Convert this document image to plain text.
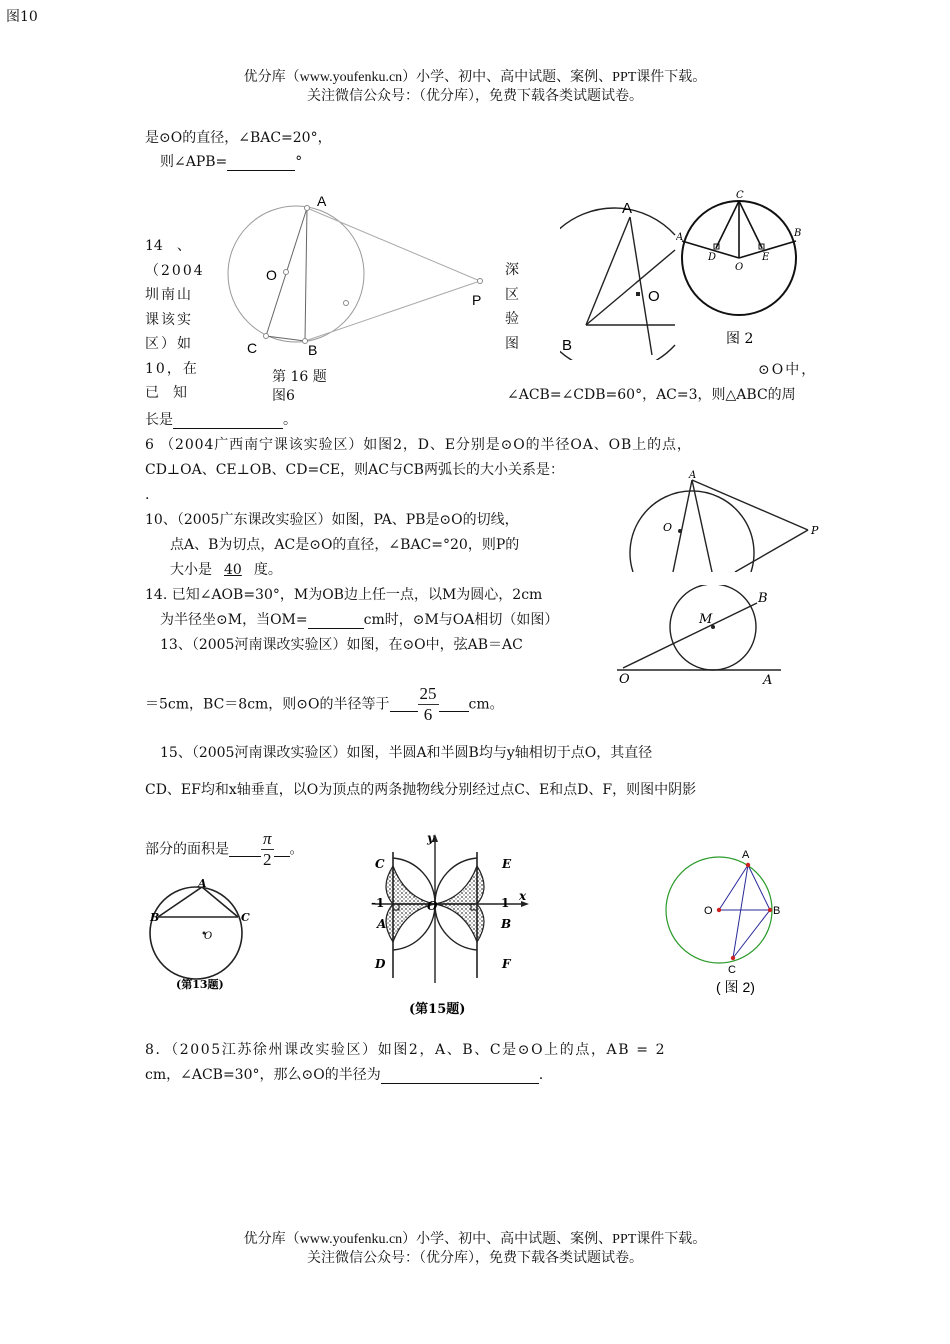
图10
优分库（www.youfenku.cn）小学、初中、高中试题、案例、PPT课件下载。
关注微信公众号：（优分库），免费下载各类试题试卷。
是⊙O的直径，∠BAC=20°，
则∠APB=	°
A
O
C	B
P
第 16 题
图6
14　、
（2004
圳南山
课该实
区）如
10，在
已　知
深
区
验
图
A
B
O
C
A	B
D
O
E
图 2
⊙O中，
∠ACB=∠CDB=60°，AC=3，则△ABC的周
长是	。
6 （2004广西南宁课该实验区）如图2，D、E分别是⊙O的半径OA、OB上的点，
CD⊥OA、CE⊥OB、CD=CE，则AC与CB两弧长的大小关系是：
.
10、（2005广东课改实验区）如图，PA、PB是⊙O的切线，
点A、B为切点，AC是⊙O的直径，∠BAC=°20，则P的
大小是 40 度。
A
O	P
14. 已知∠AOB=30°，M为OB边上任一点，以M为圆心，2cm
为半径坐⊙M，当OM=	cm时，⊙M与OA相切（如图）
13、（2005河南课改实验区）如图，在⊙O中，弦AB＝AC
＝5cm，BC＝8cm，则⊙O的半径等于 $\frac{25}{6}$ cm。
M
B
O	A
15、（2005河南课改实验区）如图，半圆A和半圆B均与y轴相切于点O，其直径
CD、EF均和x轴垂直，以O为顶点的两条抛物线分别经过点C、E和点D、F，则图中阴影
部分的面积是 $\frac{\pi}{2}$ 。
A
B	C
O
(第13题)
y
x
C	E
A	B
D	F
O
-1	1
(第15题)
A
O	B
C
( 图 2)
8．（2005江苏徐州课改实验区）如图2，A、B、C是⊙O上的点，AB = 2
cm，∠ACB=30°，那么⊙O的半径为	.
优分库（www.youfenku.cn）小学、初中、高中试题、案例、PPT课件下载。
关注微信公众号：（优分库），免费下载各类试题试卷。
